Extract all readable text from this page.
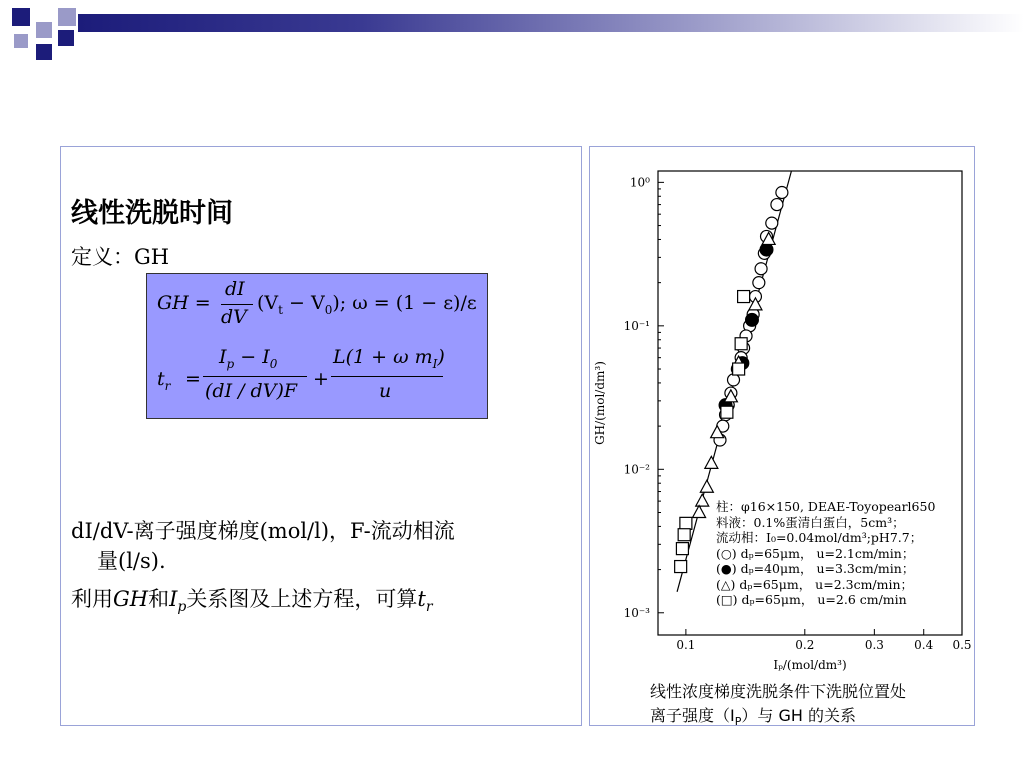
线性洗脱时间
定义：GH
GH =
dI
dV
$(V_t - V_0)$; ω = (1 − ε)/ε
$t_r$ =
$I_p - I_0$
(dI / dV)F
+
L(1 + ω $m_I$)
u
dI/dV-离子强度梯度(mol/l)，F-流动相流
量(l/s).
利用GH和$I_p$关系图及上述方程，可算$t_r$
10⁰
10⁻¹
10⁻²
10⁻³
0.1	0.2	0.3	0.4 0.5
GH/(mol/dm³)
Iₚ/(mol/dm³)
柱：φ16×150, DEAE-Toyopearl650
料液：0.1%蛋清白蛋白，5cm³；
流动相：I₀=0.04mol/dm³;pH7.7；
(○) dₚ=65μm， u=2.1cm/min；
(●) dₚ=40μm， u=3.3cm/min；
(△) dₚ=65μm， u=2.3cm/min；
(□) dₚ=65μm， u=2.6 cm/min
线性浓度梯度洗脱条件下洗脱位置处
离子强度$(I_P)$与 GH 的关系
